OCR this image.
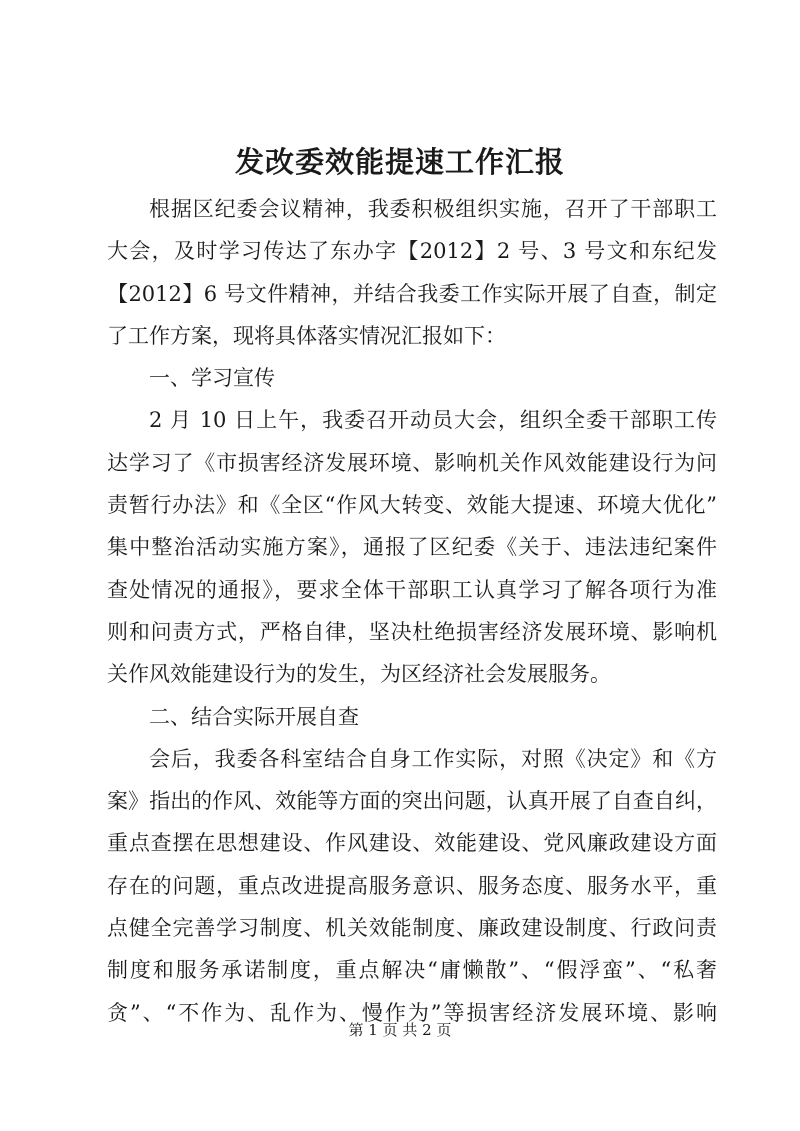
发改委效能提速工作汇报
根据区纪委会议精神，我委积极组织实施，召开了干部职工
大会，及时学习传达了东办字【2012】2 号、3 号文和东纪发
【2012】6 号文件精神，并结合我委工作实际开展了自查，制定
了工作方案，现将具体落实情况汇报如下：
一、学习宣传
2 月 10 日上午，我委召开动员大会，组织全委干部职工传
达学习了《市损害经济发展环境、影响机关作风效能建设行为问
责暂行办法》和《全区“作风大转变、效能大提速、环境大优化”
集中整治活动实施方案》，通报了区纪委《关于、违法违纪案件
查处情况的通报》，要求全体干部职工认真学习了解各项行为准
则和问责方式，严格自律，坚决杜绝损害经济发展环境、影响机
关作风效能建设行为的发生，为区经济社会发展服务。
二、结合实际开展自查
会后，我委各科室结合自身工作实际，对照《决定》和《方
案》指出的作风、效能等方面的突出问题，认真开展了自查自纠，
重点查摆在思想建设、作风建设、效能建设、党风廉政建设方面
存在的问题，重点改进提高服务意识、服务态度、服务水平，重
点健全完善学习制度、机关效能制度、廉政建设制度、行政问责
制度和服务承诺制度，重点解决“庸懒散”、“假浮蛮”、“私奢
贪”、“不作为、乱作为、慢作为”等损害经济发展环境、影响
第 1 页 共 2 页
